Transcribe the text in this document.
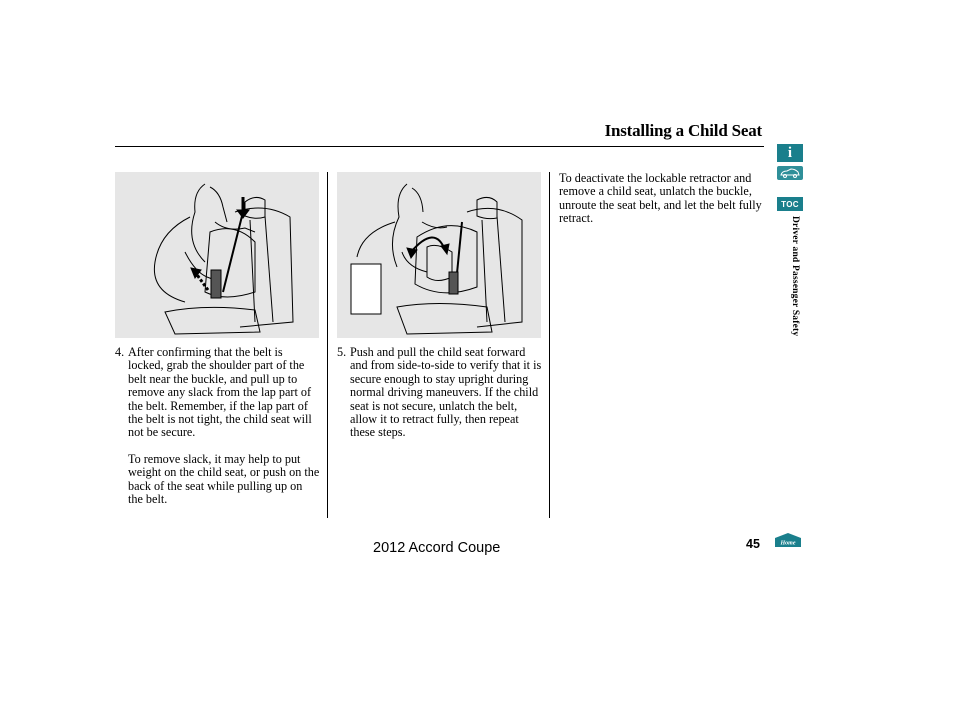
Installing a Child Seat
4. After confirming that the belt is locked, grab the shoulder part of the belt near the buckle, and pull up to remove any slack from the lap part of the belt. Remember, if the lap part of the belt is not tight, the child seat will not be secure.

To remove slack, it may help to put weight on the child seat, or push on the back of the seat while pulling up on the belt.

5. Push and pull the child seat forward and from side-to-side to verify that it is secure enough to stay upright during normal driving maneuvers. If the child seat is not secure, unlatch the belt, allow it to retract fully, then repeat these steps.

To deactivate the lockable retractor and remove a child seat, unlatch the buckle, unroute the seat belt, and let the belt fully retract.

i
TOC
Driver and Passenger Safety
2012 Accord Coupe	45	Home
